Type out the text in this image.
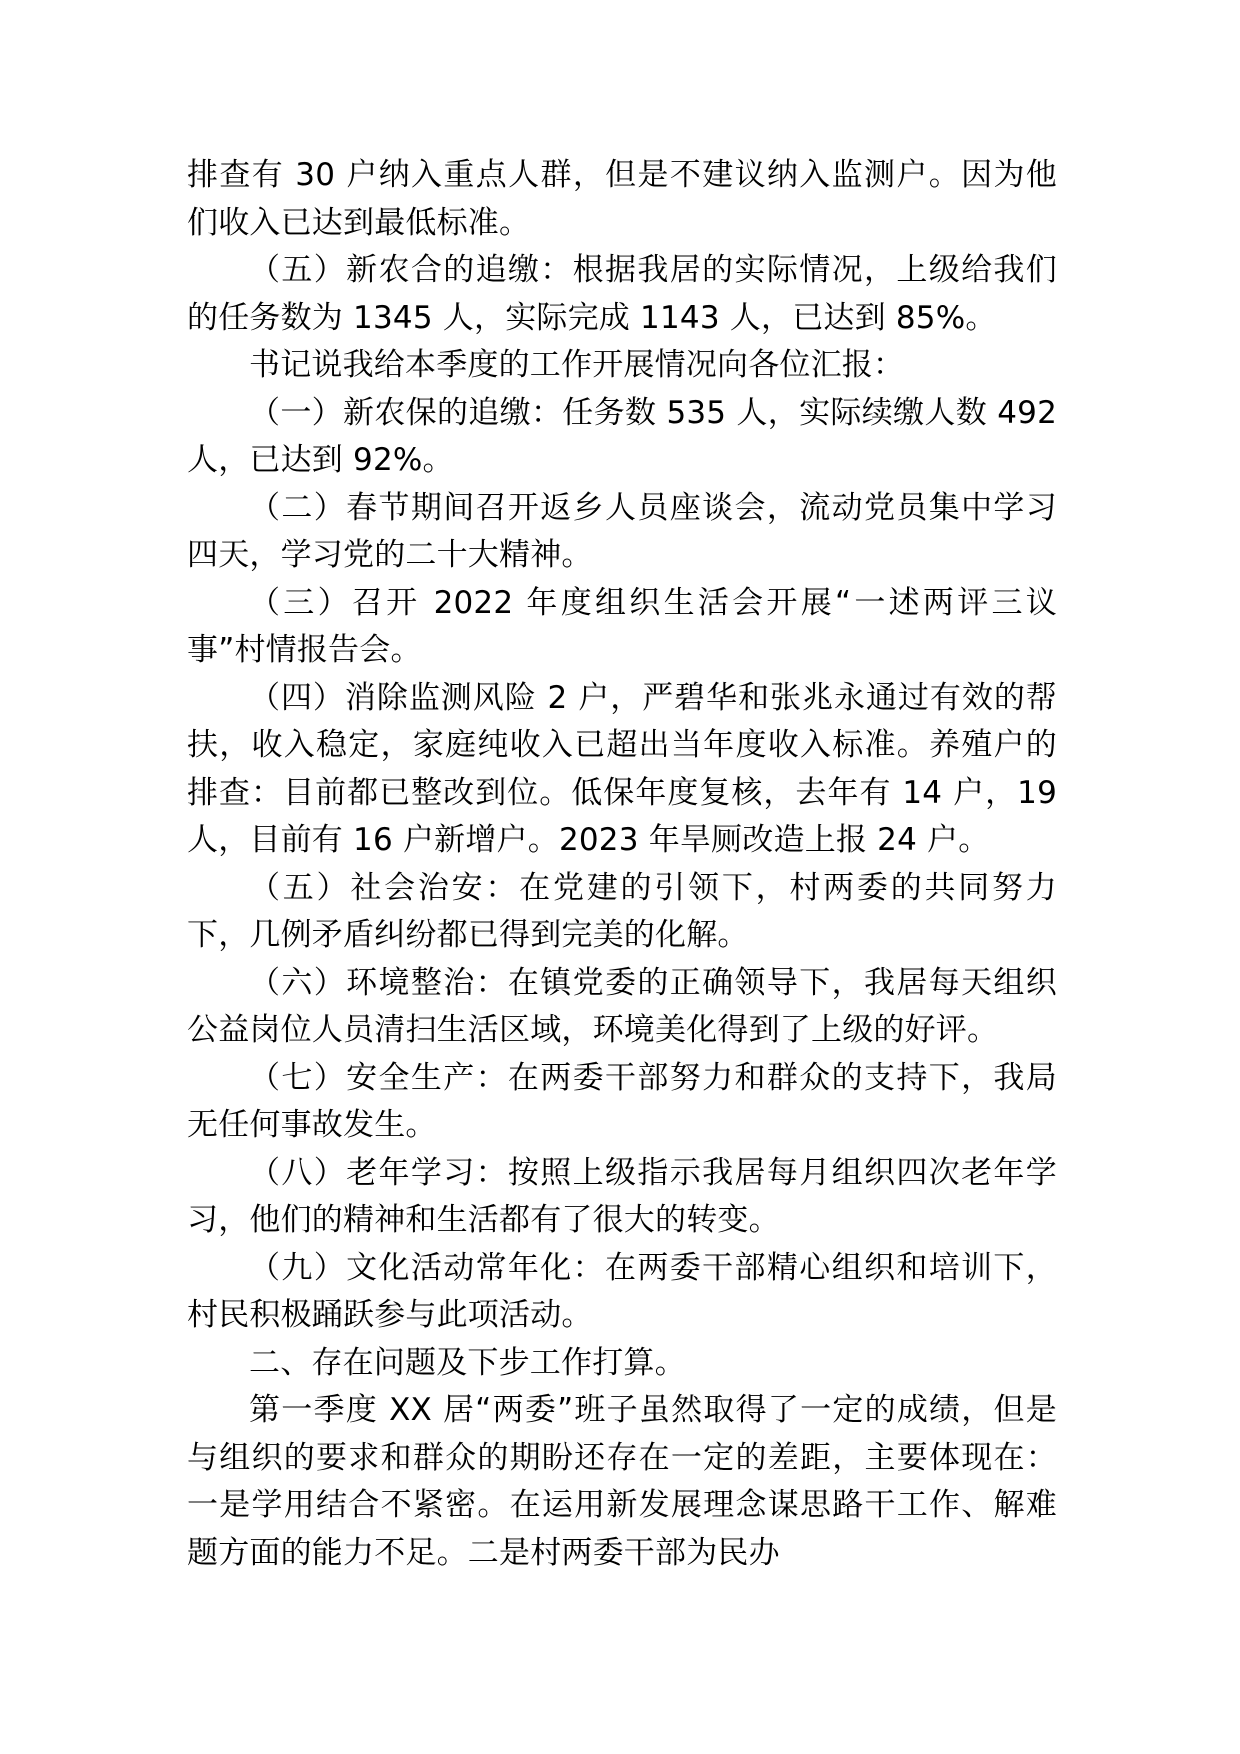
排查有 30 户纳入重点人群，但是不建议纳入监测户。因为他们收入已达到最低标准。

（五）新农合的追缴：根据我居的实际情况，上级给我们的任务数为 1345 人，实际完成 1143 人，已达到 85%。

书记说我给本季度的工作开展情况向各位汇报：

（一）新农保的追缴：任务数 535 人，实际续缴人数 492 人，已达到 92%。

（二）春节期间召开返乡人员座谈会，流动党员集中学习四天，学习党的二十大精神。

（三）召开 2022 年度组织生活会开展“一述两评三议事”村情报告会。

（四）消除监测风险 2 户，严碧华和张兆永通过有效的帮扶，收入稳定，家庭纯收入已超出当年度收入标准。养殖户的排查：目前都已整改到位。低保年度复核，去年有 14 户，19 人，目前有 16 户新增户。2023 年旱厕改造上报 24 户。

（五）社会治安：在党建的引领下，村两委的共同努力下，几例矛盾纠纷都已得到完美的化解。

（六）环境整治：在镇党委的正确领导下，我居每天组织公益岗位人员清扫生活区域，环境美化得到了上级的好评。

（七）安全生产：在两委干部努力和群众的支持下，我局无任何事故发生。

（八）老年学习：按照上级指示我居每月组织四次老年学习，他们的精神和生活都有了很大的转变。

（九）文化活动常年化：在两委干部精心组织和培训下，村民积极踊跃参与此项活动。

二、存在问题及下步工作打算。

第一季度 XX 居“两委”班子虽然取得了一定的成绩，但是与组织的要求和群众的期盼还存在一定的差距，主要体现在：一是学用结合不紧密。在运用新发展理念谋思路干工作、解难题方面的能力不足。二是村两委干部为民办
